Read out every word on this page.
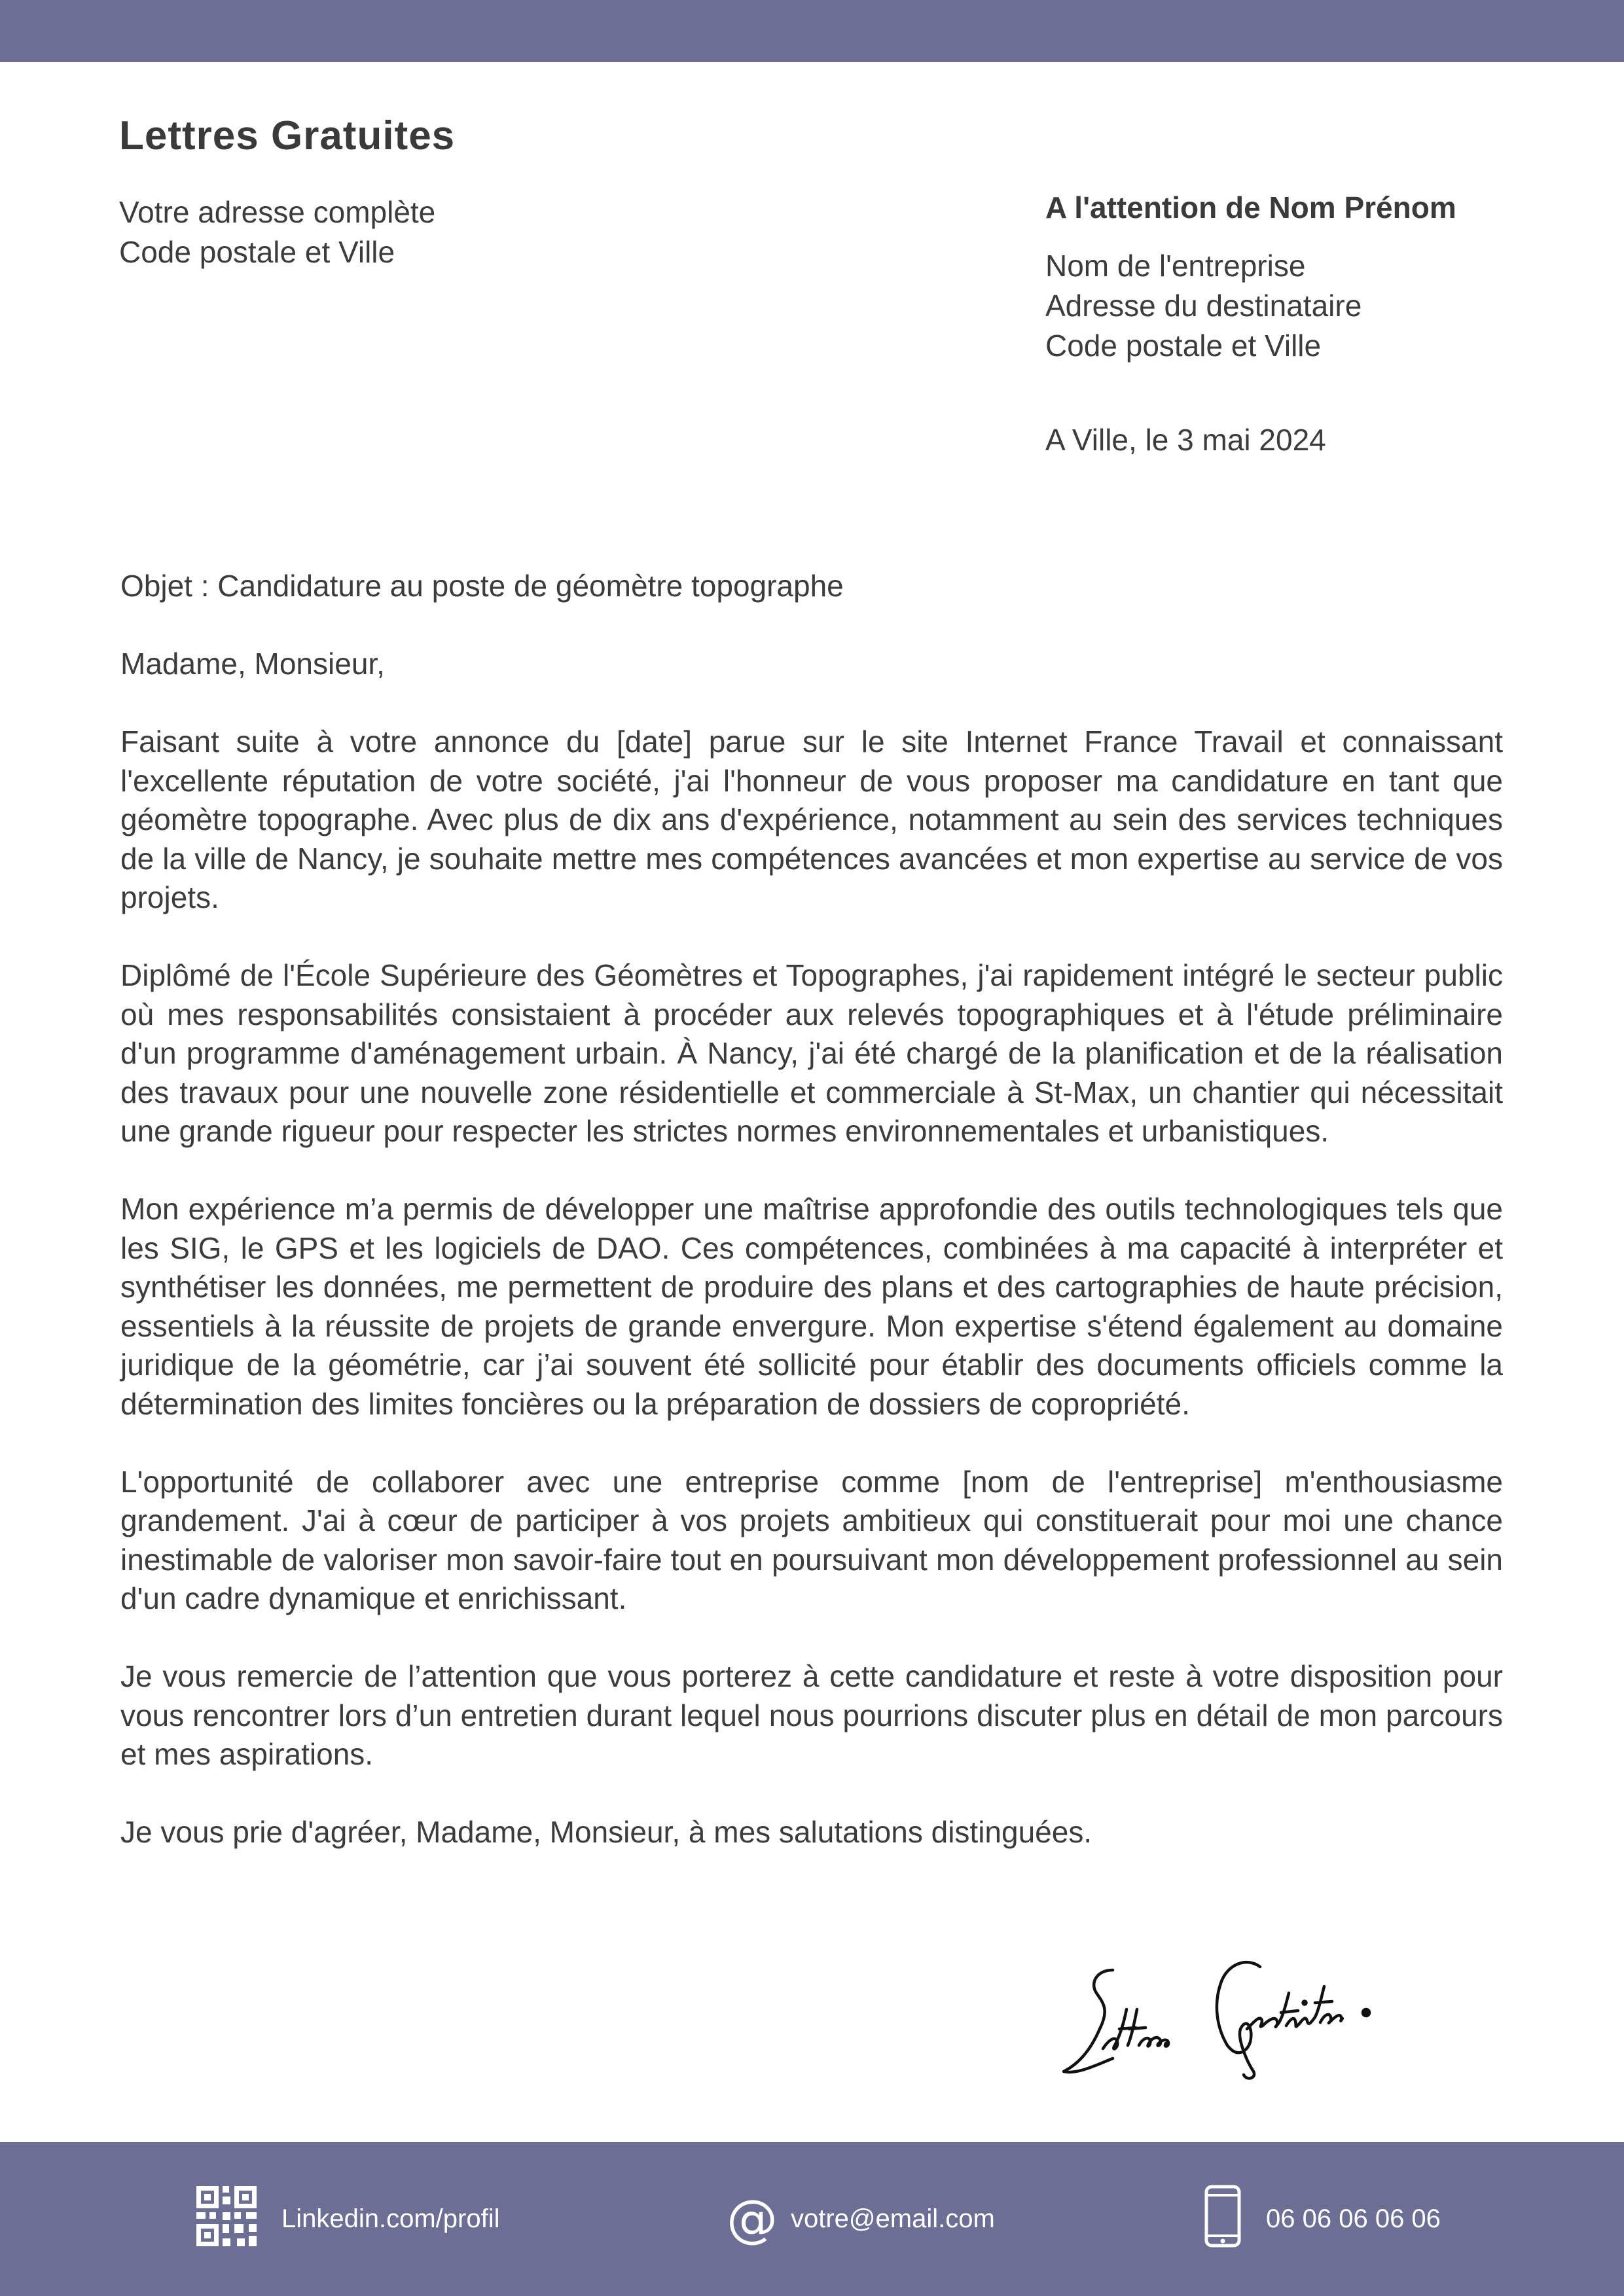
Lettres Gratuites
Votre adresse complète
Code postale et Ville
A l'attention de Nom Prénom
Nom de l'entreprise
Adresse du destinataire
Code postale et Ville
A Ville, le 3 mai 2024

Objet : Candidature au poste de géomètre topographe

Madame, Monsieur,

Faisant suite à votre annonce du [date] parue sur le site Internet France Travail et connaissant l'excellente réputation de votre société, j'ai l'honneur de vous proposer ma candidature en tant que géomètre topographe. Avec plus de dix ans d'expérience, notamment au sein des services techniques de la ville de Nancy, je souhaite mettre mes compétences avancées et mon expertise au service de vos projets.

Diplômé de l'École Supérieure des Géomètres et Topographes, j'ai rapidement intégré le secteur public où mes responsabilités consistaient à procéder aux relevés topographiques et à l'étude préliminaire d'un programme d'aménagement urbain. À Nancy, j'ai été chargé de la planification et de la réalisation des travaux pour une nouvelle zone résidentielle et commerciale à St-Max, un chantier qui nécessitait une grande rigueur pour respecter les strictes normes environnementales et urbanistiques.

Mon expérience m’a permis de développer une maîtrise approfondie des outils technologiques tels que les SIG, le GPS et les logiciels de DAO. Ces compétences, combinées à ma capacité à interpréter et synthétiser les données, me permettent de produire des plans et des cartographies de haute précision, essentiels à la réussite de projets de grande envergure. Mon expertise s'étend également au domaine juridique de la géométrie, car j’ai souvent été sollicité pour établir des documents officiels comme la détermination des limites foncières ou la préparation de dossiers de copropriété.

L'opportunité de collaborer avec une entreprise comme [nom de l'entreprise] m'enthousiasme grandement. J'ai à cœur de participer à vos projets ambitieux qui constituerait pour moi une chance inestimable de valoriser mon savoir-faire tout en poursuivant mon développement professionnel au sein d'un cadre dynamique et enrichissant.

Je vous remercie de l’attention que vous porterez à cette candidature et reste à votre disposition pour vous rencontrer lors d’un entretien durant lequel nous pourrions discuter plus en détail de mon parcours et mes aspirations.

Je vous prie d'agréer, Madame, Monsieur, à mes salutations distinguées.

Linkedin.com/profil	@ votre@email.com	06 06 06 06 06
